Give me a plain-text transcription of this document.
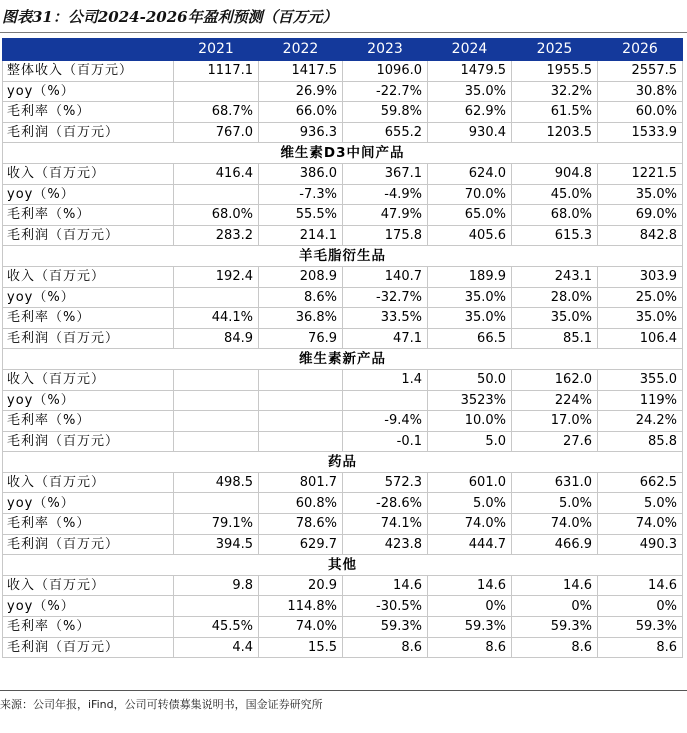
图表31：公司2024-2026年盈利预测（百万元）
	2021	2022	2023	2024	2025	2026
整体收入（百万元）	1117.1	1417.5	1096.0	1479.5	1955.5	2557.5
yoy（%）		26.9%	-22.7%	35.0%	32.2%	30.8%
毛利率（%）	68.7%	66.0%	59.8%	62.9%	61.5%	60.0%
毛利润（百万元）	767.0	936.3	655.2	930.4	1203.5	1533.9
维生素D3中间产品						
收入（百万元）	416.4	386.0	367.1	624.0	904.8	1221.5
yoy（%）		-7.3%	-4.9%	70.0%	45.0%	35.0%
毛利率（%）	68.0%	55.5%	47.9%	65.0%	68.0%	69.0%
毛利润（百万元）	283.2	214.1	175.8	405.6	615.3	842.8
羊毛脂衍生品						
收入（百万元）	192.4	208.9	140.7	189.9	243.1	303.9
yoy（%）		8.6%	-32.7%	35.0%	28.0%	25.0%
毛利率（%）	44.1%	36.8%	33.5%	35.0%	35.0%	35.0%
毛利润（百万元）	84.9	76.9	47.1	66.5	85.1	106.4
维生素新产品						
收入（百万元）			1.4	50.0	162.0	355.0
yoy（%）				3523%	224%	119%
毛利率（%）			-9.4%	10.0%	17.0%	24.2%
毛利润（百万元）			-0.1	5.0	27.6	85.8
药品						
收入（百万元）	498.5	801.7	572.3	601.0	631.0	662.5
yoy（%）		60.8%	-28.6%	5.0%	5.0%	5.0%
毛利率（%）	79.1%	78.6%	74.1%	74.0%	74.0%	74.0%
毛利润（百万元）	394.5	629.7	423.8	444.7	466.9	490.3
其他						
收入（百万元）	9.8	20.9	14.6	14.6	14.6	14.6
yoy（%）		114.8%	-30.5%	0%	0%	0%
毛利率（%）	45.5%	74.0%	59.3%	59.3%	59.3%	59.3%
毛利润（百万元）	4.4	15.5	8.6	8.6	8.6	8.6
来源：公司年报，iFind，公司可转债募集说明书，国金证券研究所
